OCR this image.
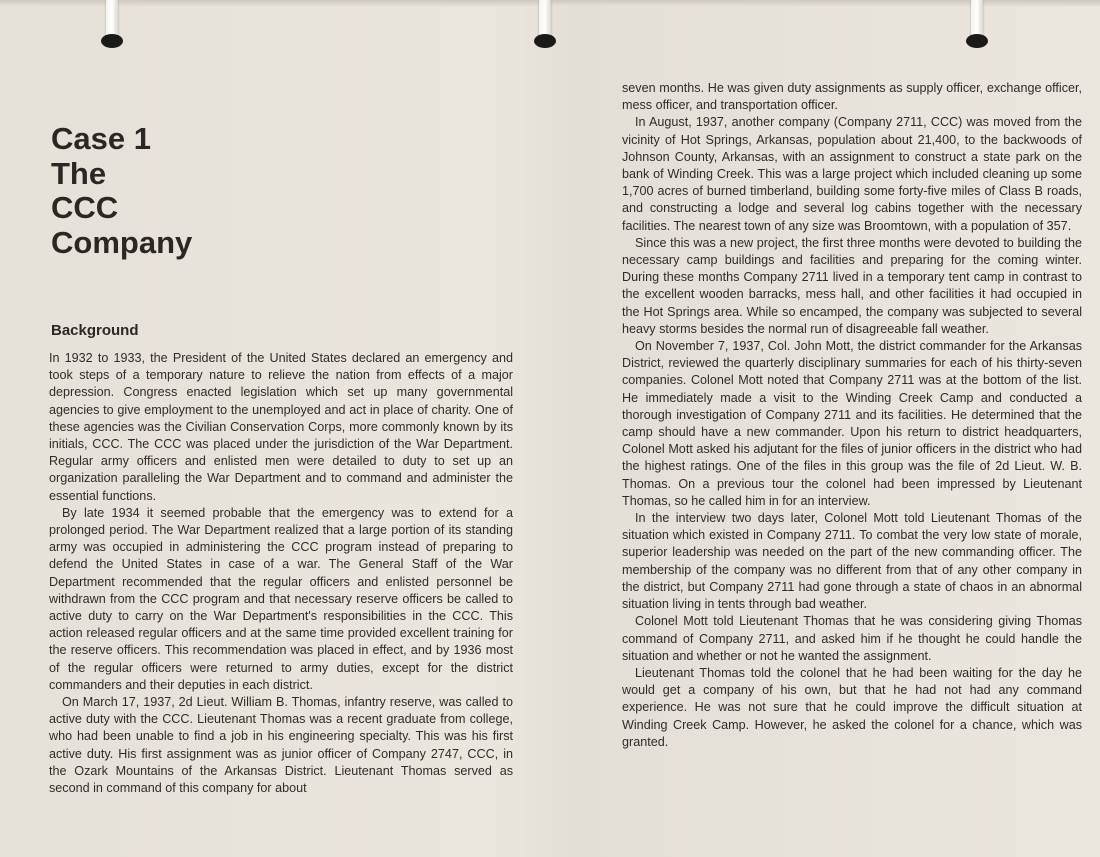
Case 1
The
CCC
Company
Background

In 1932 to 1933, the President of the United States declared an emergency and took steps of a temporary nature to relieve the nation from effects of a major depression. Congress enacted legislation which set up many governmental agencies to give employment to the unemployed and act in place of charity. One of these agencies was the Civilian Conservation Corps, more commonly known by its initials, CCC. The CCC was placed under the jurisdiction of the War Department. Regular army officers and enlisted men were detailed to duty to set up an organization paralleling the War Department and to command and administer the essential functions.

By late 1934 it seemed probable that the emergency was to extend for a prolonged period. The War Department realized that a large portion of its standing army was occupied in administering the CCC program instead of preparing to defend the United States in case of a war. The General Staff of the War Department recommended that the regular officers and enlisted personnel be withdrawn from the CCC program and that necessary reserve officers be called to active duty to carry on the War Department's responsibilities in the CCC. This action released regular officers and at the same time provided excellent training for the reserve officers. This recommendation was placed in effect, and by 1936 most of the regular officers were returned to army duties, except for the district commanders and their deputies in each district.

On March 17, 1937, 2d Lieut. William B. Thomas, infantry reserve, was called to active duty with the CCC. Lieutenant Thomas was a recent graduate from college, who had been unable to find a job in his engineering specialty. This was his first active duty. His first assignment was as junior officer of Company 2747, CCC, in the Ozark Mountains of the Arkansas District. Lieutenant Thomas served as second in command of this company for about

seven months. He was given duty assignments as supply officer, exchange officer, mess officer, and transportation officer.

In August, 1937, another company (Company 2711, CCC) was moved from the vicinity of Hot Springs, Arkansas, population about 21,400, to the backwoods of Johnson County, Arkansas, with an assignment to construct a state park on the bank of Winding Creek. This was a large project which included cleaning up some 1,700 acres of burned timberland, building some forty-five miles of Class B roads, and constructing a lodge and several log cabins together with the necessary facilities. The nearest town of any size was Broomtown, with a population of 357.

Since this was a new project, the first three months were devoted to building the necessary camp buildings and facilities and preparing for the coming winter. During these months Company 2711 lived in a temporary tent camp in contrast to the excellent wooden barracks, mess hall, and other facilities it had occupied in the Hot Springs area. While so encamped, the company was subjected to several heavy storms besides the normal run of disagreeable fall weather.

On November 7, 1937, Col. John Mott, the district commander for the Arkansas District, reviewed the quarterly disciplinary summaries for each of his thirty-seven companies. Colonel Mott noted that Company 2711 was at the bottom of the list. He immediately made a visit to the Winding Creek Camp and conducted a thorough investigation of Company 2711 and its facilities. He determined that the camp should have a new commander. Upon his return to district headquarters, Colonel Mott asked his adjutant for the files of junior officers in the district who had the highest ratings. One of the files in this group was the file of 2d Lieut. W. B. Thomas. On a previous tour the colonel had been impressed by Lieutenant Thomas, so he called him in for an interview.

In the interview two days later, Colonel Mott told Lieutenant Thomas of the situation which existed in Company 2711. To combat the very low state of morale, superior leadership was needed on the part of the new commanding officer. The membership of the company was no different from that of any other company in the district, but Company 2711 had gone through a state of chaos in an abnormal situation living in tents through bad weather.

Colonel Mott told Lieutenant Thomas that he was considering giving Thomas command of Company 2711, and asked him if he thought he could handle the situation and whether or not he wanted the assignment.

Lieutenant Thomas told the colonel that he had been waiting for the day he would get a company of his own, but that he had not had any command experience. He was not sure that he could improve the difficult situation at Winding Creek Camp. However, he asked the colonel for a chance, which was granted.
